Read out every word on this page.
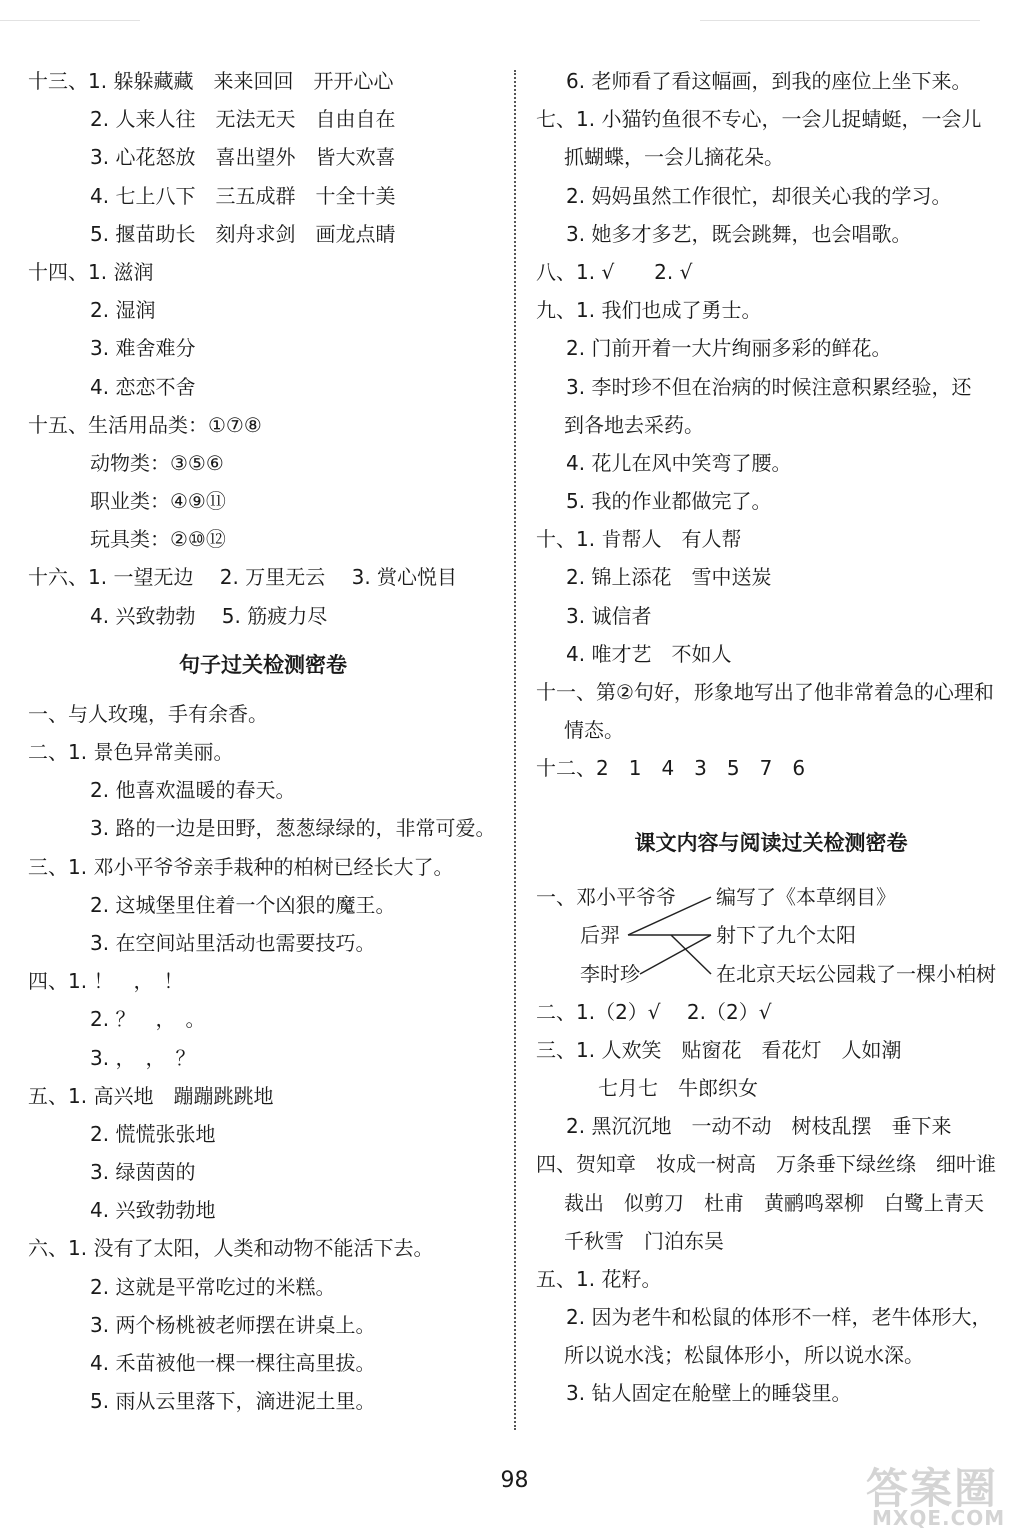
十三、1. 躲躲藏藏　来来回回　开开心心
2. 人来人往　无法无天　自由自在
3. 心花怒放　喜出望外　皆大欢喜
4. 七上八下　三五成群　十全十美
5. 揠苗助长　刻舟求剑　画龙点睛
十四、1. 滋润
2. 湿润
3. 难舍难分
4. 恋恋不舍
十五、生活用品类：①⑦⑧
动物类：③⑤⑥
职业类：④⑨⑪
玩具类：②⑩⑫
十六、1. 一望无边　 2. 万里无云　 3. 赏心悦目
4. 兴致勃勃　 5. 筋疲力尽
句子过关检测密卷
一、与人玫瑰，手有余香。
二、1. 景色异常美丽。
2. 他喜欢温暖的春天。
3. 路的一边是田野，葱葱绿绿的，非常可爱。
三、1. 邓小平爷爷亲手栽种的柏树已经长大了。
2. 这城堡里住着一个凶狠的魔王。
3. 在空间站里活动也需要技巧。
四、1. ！　，　！
2. ？　，　。
3. ，　，　？
五、1. 高兴地　蹦蹦跳跳地
2. 慌慌张张地
3. 绿茵茵的
4. 兴致勃勃地
六、1. 没有了太阳，人类和动物不能活下去。
2. 这就是平常吃过的米糕。
3. 两个杨桃被老师摆在讲桌上。
4. 禾苗被他一棵一棵往高里拔。
5. 雨从云里落下，滴进泥土里。
6. 老师看了看这幅画，到我的座位上坐下来。
七、1. 小猫钓鱼很不专心，一会儿捉蜻蜓，一会儿
抓蝴蝶，一会儿摘花朵。
2. 妈妈虽然工作很忙，却很关心我的学习。
3. 她多才多艺，既会跳舞，也会唱歌。
八、1. √　　2. √
九、1. 我们也成了勇士。
2. 门前开着一大片绚丽多彩的鲜花。
3. 李时珍不但在治病的时候注意积累经验，还
到各地去采药。
4. 花儿在风中笑弯了腰。
5. 我的作业都做完了。
十、1. 肯帮人　有人帮
2. 锦上添花　雪中送炭
3. 诚信者
4. 唯才艺　不如人
十一、第②句好，形象地写出了他非常着急的心理和
情态。
十二、2　1　4　3　5　7　6
课文内容与阅读过关检测密卷
一、邓小平爷爷
后羿
李时珍
编写了《本草纲目》
射下了九个太阳
在北京天坛公园栽了一棵小柏树
二、1.（2）√　 2.（2）√
三、1. 人欢笑　贴窗花　看花灯　人如潮
七月七　牛郎织女
2. 黑沉沉地　一动不动　树枝乱摆　垂下来
四、贺知章　妆成一树高　万条垂下绿丝绦　细叶谁
裁出　似剪刀　杜甫　黄鹂鸣翠柳　白鹭上青天
千秋雪　门泊东吴
五、1. 花籽。
2. 因为老牛和松鼠的体形不一样，老牛体形大，
所以说水浅；松鼠体形小，所以说水深。
3. 钻人固定在舱壁上的睡袋里。
98	答案圈
MXQE.COM
